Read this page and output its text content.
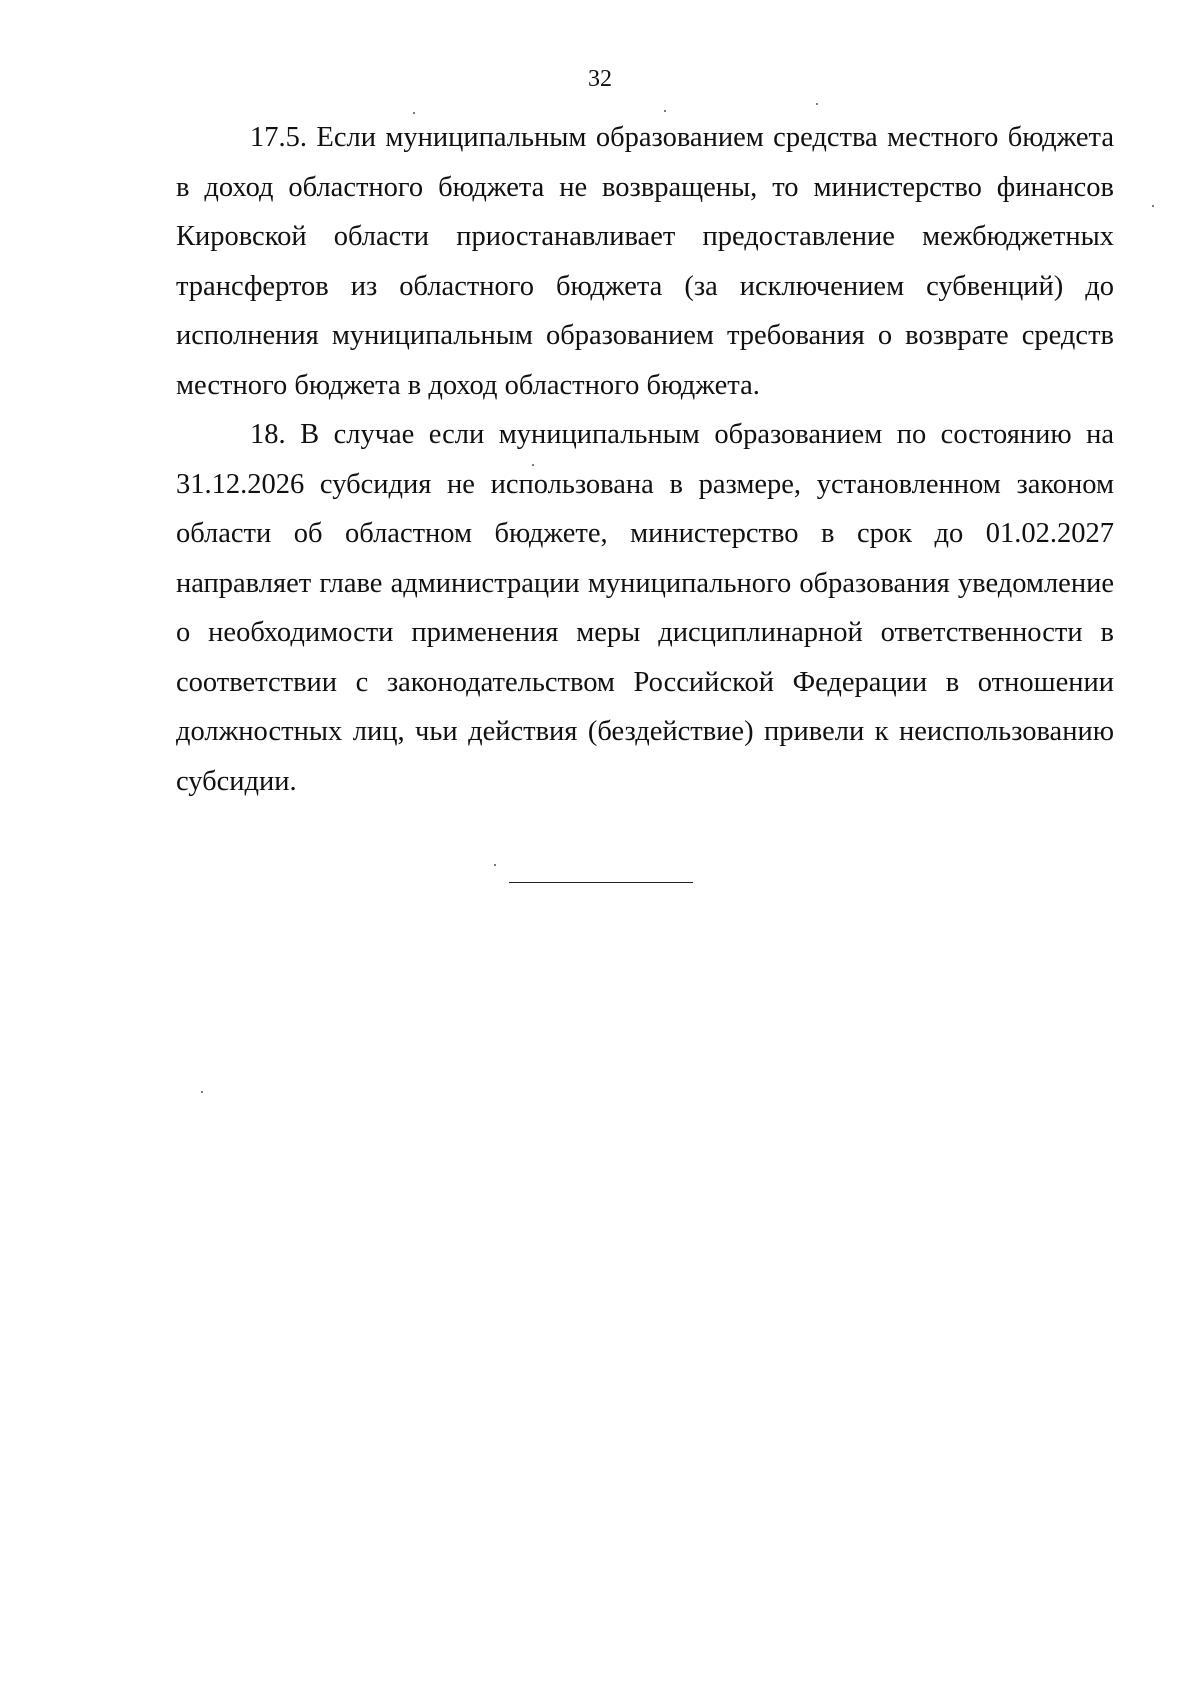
32

17.5. Если муниципальным образованием средства местного бюджета в доход областного бюджета не возвращены, то министерство финансов Кировской области приостанавливает предоставление межбюджетных трансфертов из областного бюджета (за исключением субвенций) до исполнения муниципальным образованием требования о возврате средств местного бюджета в доход областного бюджета.

18. В случае если муниципальным образованием по состоянию на 31.12.2026 субсидия не использована в размере, установленном законом области об областном бюджете, министерство в срок до 01.02.2027 направляет главе администрации муниципального образования уведомление о необходимости применения меры дисциплинарной ответственности в соответствии с законодательством Российской Федерации в отношении должностных лиц, чьи действия (бездействие) привели к неиспользованию субсидии.
